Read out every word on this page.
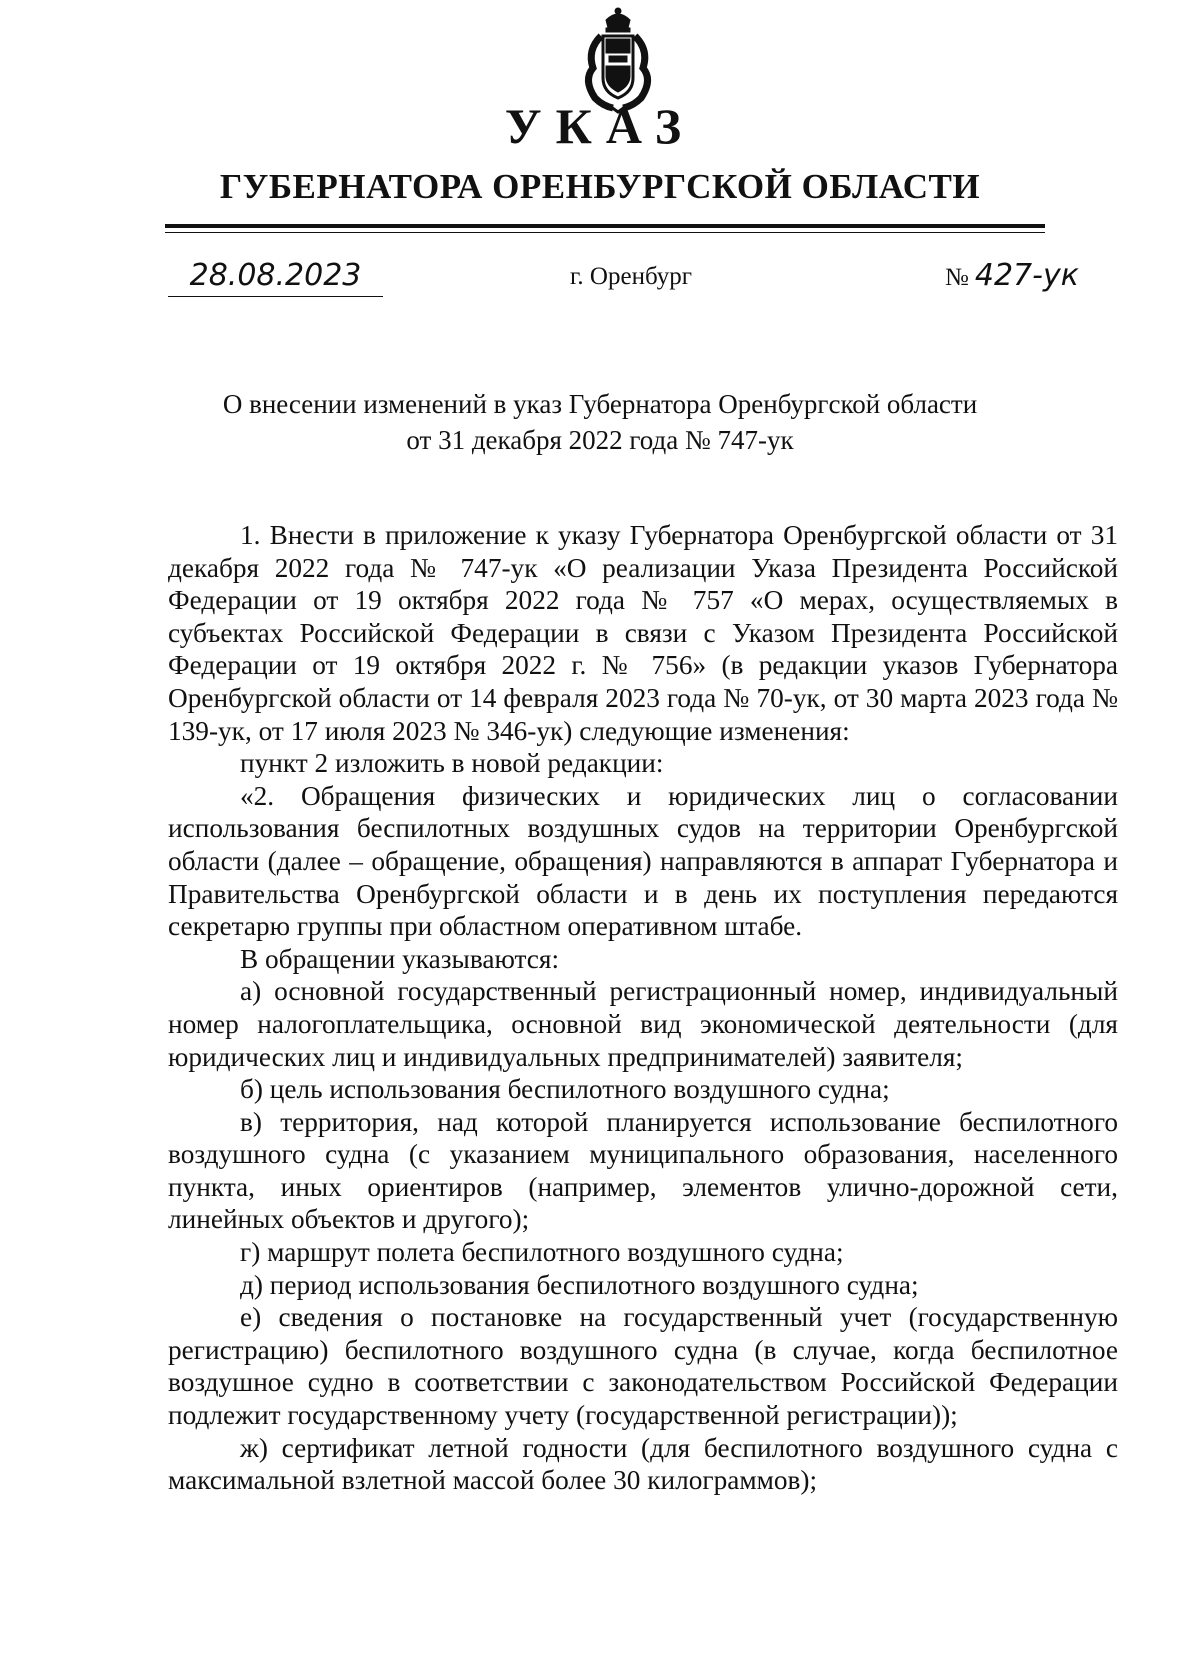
УКАЗ
ГУБЕРНАТОРА ОРЕНБУРГСКОЙ ОБЛАСТИ
28.08.2023	г. Оренбург	№ 427-ук
О внесении изменений в указ Губернатора Оренбургской области
от 31 декабря 2022 года № 747-ук

1. Внести в приложение к указу Губернатора Оренбургской области от 31 декабря 2022 года № 747-ук «О реализации Указа Президента Российской Федерации от 19 октября 2022 года № 757 «О мерах, осуществляемых в субъектах Российской Федерации в связи с Указом Президента Российской Федерации от 19 октября 2022 г. № 756» (в редакции указов Губернатора Оренбургской области от 14 февраля 2023 года № 70-ук, от 30 марта 2023 года № 139-ук, от 17 июля 2023 № 346-ук) следующие изменения:

пункт 2 изложить в новой редакции:

«2. Обращения физических и юридических лиц о согласовании использования беспилотных воздушных судов на территории Оренбургской области (далее – обращение, обращения) направляются в аппарат Губернатора и Правительства Оренбургской области и в день их поступления передаются секретарю группы при областном оперативном штабе.

В обращении указываются:

а) основной государственный регистрационный номер, индивидуальный номер налогоплательщика, основной вид экономической деятельности (для юридических лиц и индивидуальных предпринимателей) заявителя;

б) цель использования беспилотного воздушного судна;

в) территория, над которой планируется использование беспилотного воздушного судна (с указанием муниципального образования, населенного пункта, иных ориентиров (например, элементов улично-дорожной сети, линейных объектов и другого);

г) маршрут полета беспилотного воздушного судна;

д) период использования беспилотного воздушного судна;

е) сведения о постановке на государственный учет (государственную регистрацию) беспилотного воздушного судна (в случае, когда беспилотное воздушное судно в соответствии с законодательством Российской Федерации подлежит государственному учету (государственной регистрации));

ж) сертификат летной годности (для беспилотного воздушного судна с максимальной взлетной массой более 30 килограммов);
